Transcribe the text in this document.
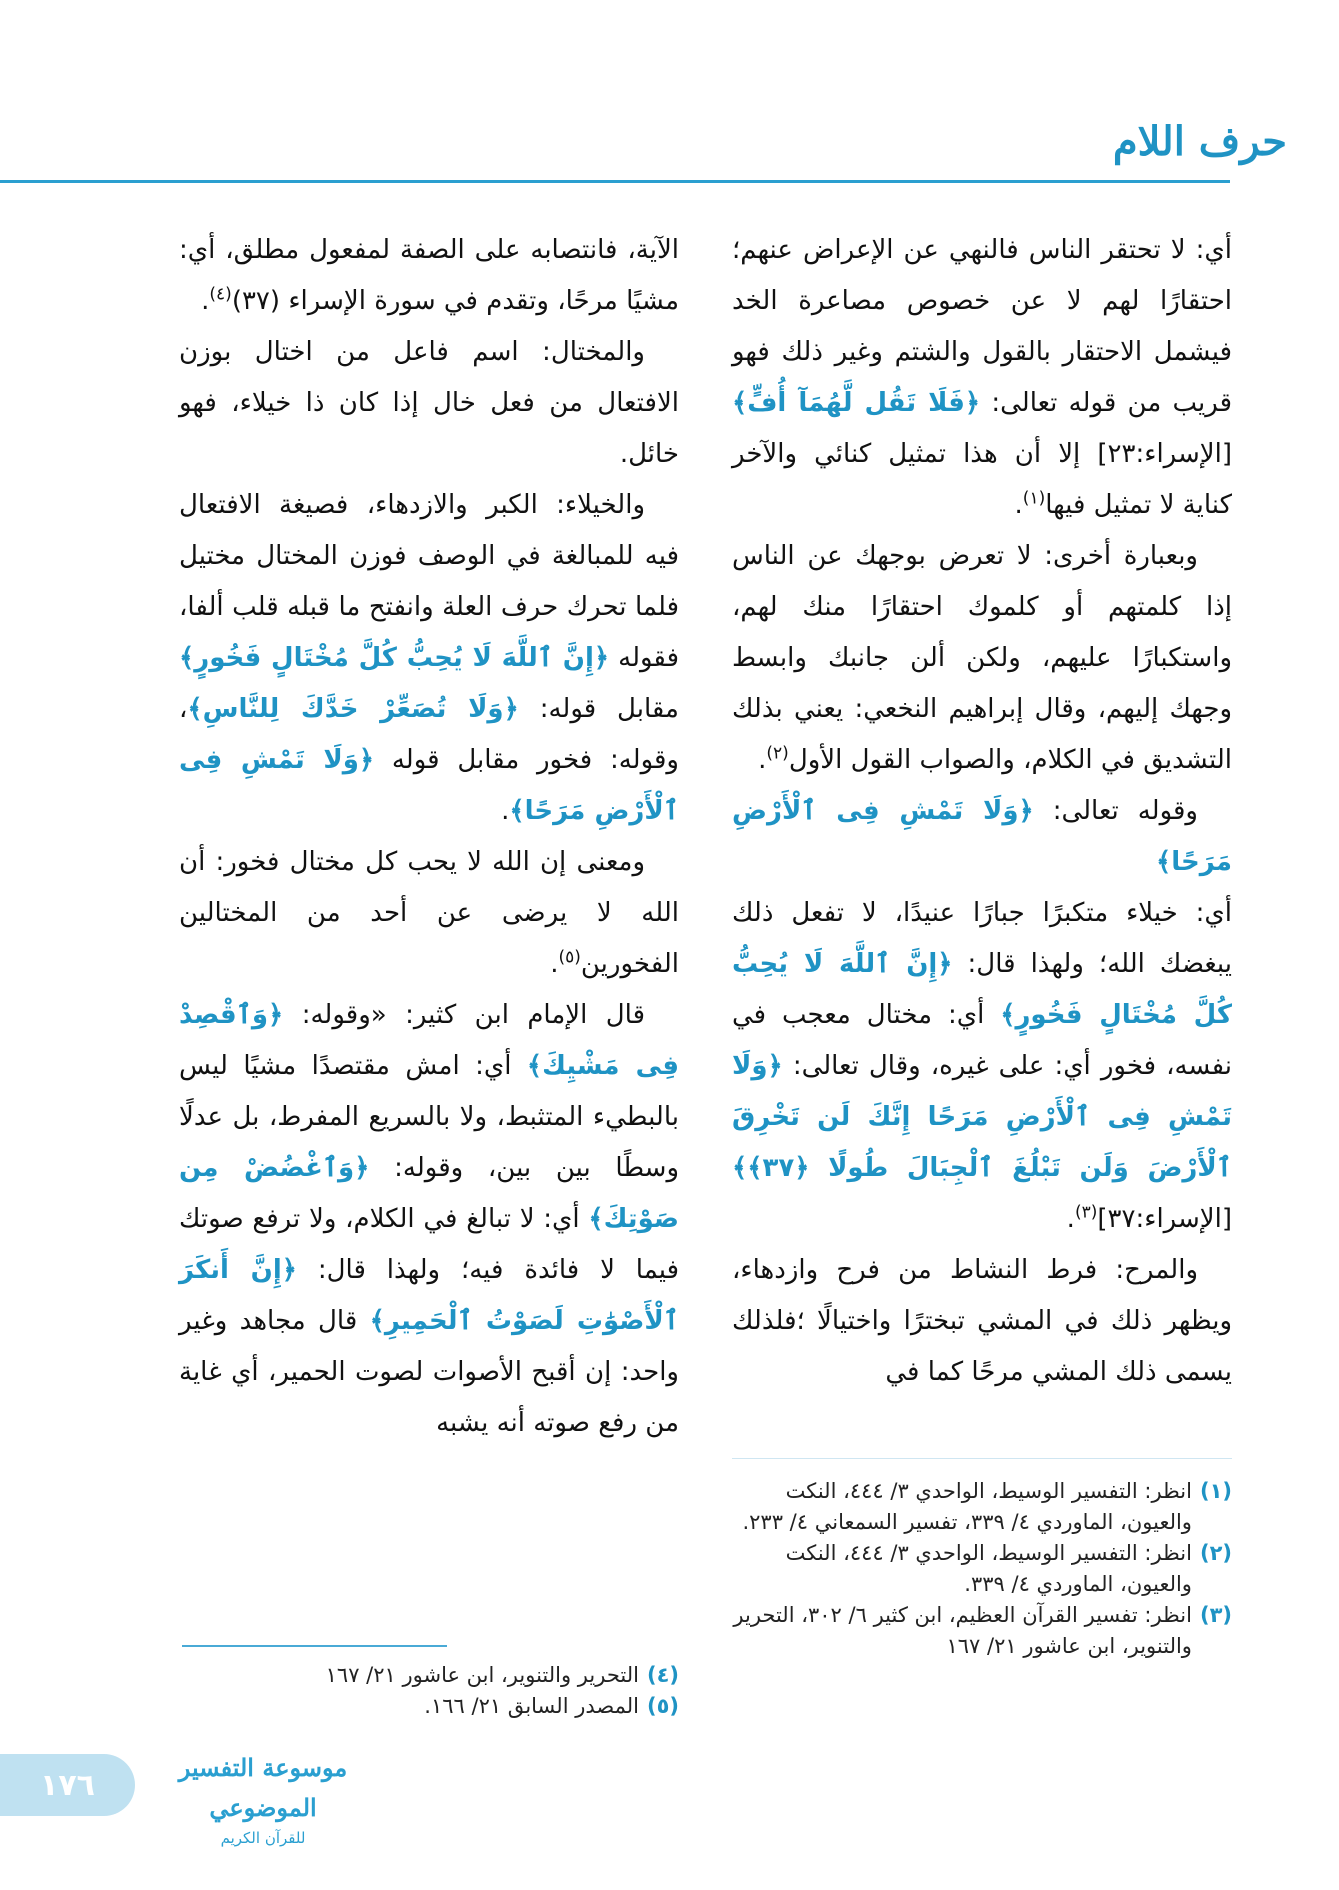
حرف اللام

أي: لا تحتقر الناس فالنهي عن الإعراض عنهم؛ احتقارًا لهم لا عن خصوص مصاعرة الخد فيشمل الاحتقار بالقول والشتم وغير ذلك فهو قريب من قوله تعالى: ﴿فَلَا تَقُل لَّهُمَآ أُفٍّ﴾ [الإسراء:٢٣] إلا أن هذا تمثيل كنائي والآخر كناية لا تمثيل فيها$^{(١)}$.

وبعبارة أخرى: لا تعرض بوجهك عن الناس إذا كلمتهم أو كلموك احتقارًا منك لهم، واستكبارًا عليهم، ولكن ألن جانبك وابسط وجهك إليهم، وقال إبراهيم النخعي: يعني بذلك التشديق في الكلام، والصواب القول الأول$^{(٢)}$.

وقوله تعالى: ﴿وَلَا تَمْشِ فِى ٱلْأَرْضِ مَرَحًا﴾

أي: خيلاء متكبرًا جبارًا عنيدًا، لا تفعل ذلك يبغضك الله؛ ولهذا قال: ﴿إِنَّ ٱللَّهَ لَا يُحِبُّ كُلَّ مُخْتَالٍ فَخُورٍ﴾ أي: مختال معجب في نفسه، فخور أي: على غيره، وقال تعالى: ﴿وَلَا تَمْشِ فِى ٱلْأَرْضِ مَرَحًا إِنَّكَ لَن تَخْرِقَ ٱلْأَرْضَ وَلَن تَبْلُغَ ٱلْجِبَالَ طُولًا ﴿٣٧﴾﴾ [الإسراء:٣٧]$^{(٣)}$.

والمرح: فرط النشاط من فرح وازدهاء، ويظهر ذلك في المشي تبخترًا واختيالًا ؛فلذلك يسمى ذلك المشي مرحًا كما في

الآية، فانتصابه على الصفة لمفعول مطلق، أي: مشيًا مرحًا، وتقدم في سورة الإسراء (٣٧)$^{(٤)}$.

والمختال: اسم فاعل من اختال بوزن الافتعال من فعل خال إذا كان ذا خيلاء، فهو خائل.

والخيلاء: الكبر والازدهاء، فصيغة الافتعال فيه للمبالغة في الوصف فوزن المختال مختيل فلما تحرك حرف العلة وانفتح ما قبله قلب ألفا، فقوله ﴿إِنَّ ٱللَّهَ لَا يُحِبُّ كُلَّ مُخْتَالٍ فَخُورٍ﴾ مقابل قوله: ﴿وَلَا تُصَعِّرْ خَدَّكَ لِلنَّاسِ﴾، وقوله: فخور مقابل قوله ﴿وَلَا تَمْشِ فِى ٱلْأَرْضِ مَرَحًا﴾.

ومعنى إن الله لا يحب كل مختال فخور: أن الله لا يرضى عن أحد من المختالين الفخورين$^{(٥)}$.

قال الإمام ابن كثير: «وقوله: ﴿وَٱقْصِدْ فِى مَشْيِكَ﴾ أي: امش مقتصدًا مشيًا ليس بالبطيء المتثبط، ولا بالسريع المفرط، بل عدلًا وسطًا بين بين، وقوله: ﴿وَٱغْضُضْ مِن صَوْتِكَ﴾ أي: لا تبالغ في الكلام، ولا ترفع صوتك فيما لا فائدة فيه؛ ولهذا قال: ﴿إِنَّ أَنكَرَ ٱلْأَصْوَٰتِ لَصَوْتُ ٱلْحَمِيرِ﴾ قال مجاهد وغير واحد: إن أقبح الأصوات لصوت الحمير، أي غاية من رفع صوته أنه يشبه

(١)
انظر: التفسير الوسيط، الواحدي ٣/ ٤٤٤، النكت والعيون، الماوردي ٤/ ٣٣٩، تفسير السمعاني ٤/ ٢٣٣.
(٢)
انظر: التفسير الوسيط، الواحدي ٣/ ٤٤٤، النكت والعيون، الماوردي ٤/ ٣٣٩.
(٣)
انظر: تفسير القرآن العظيم، ابن كثير ٦/ ٣٠٢، التحرير والتنوير، ابن عاشور ٢١/ ١٦٧
(٤)
التحرير والتنوير، ابن عاشور ٢١/ ١٦٧
(٥)
المصدر السابق ٢١/ ١٦٦.
١٧٦	موسوعة التفسير الموضوعي
للقرآن الكريم
